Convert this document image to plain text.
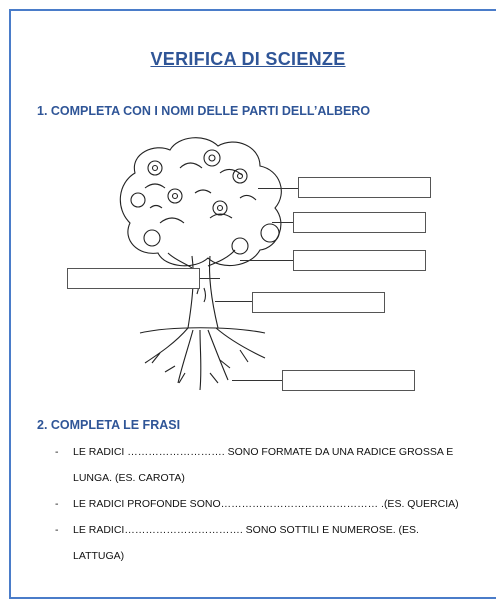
VERIFICA DI SCIENZE
1. COMPLETA CON I NOMI DELLE PARTI DELL’ALBERO
2. COMPLETA LE FRASI
- LE RADICI ………………………. SONO FORMATE DA UNA RADICE GROSSA E
LUNGA. (ES. CAROTA)
- LE RADICI PROFONDE SONO……………………………………… .(ES. QUERCIA)
- LE RADICI……………………………. SONO SOTTILI E NUMEROSE. (ES.
LATTUGA)
